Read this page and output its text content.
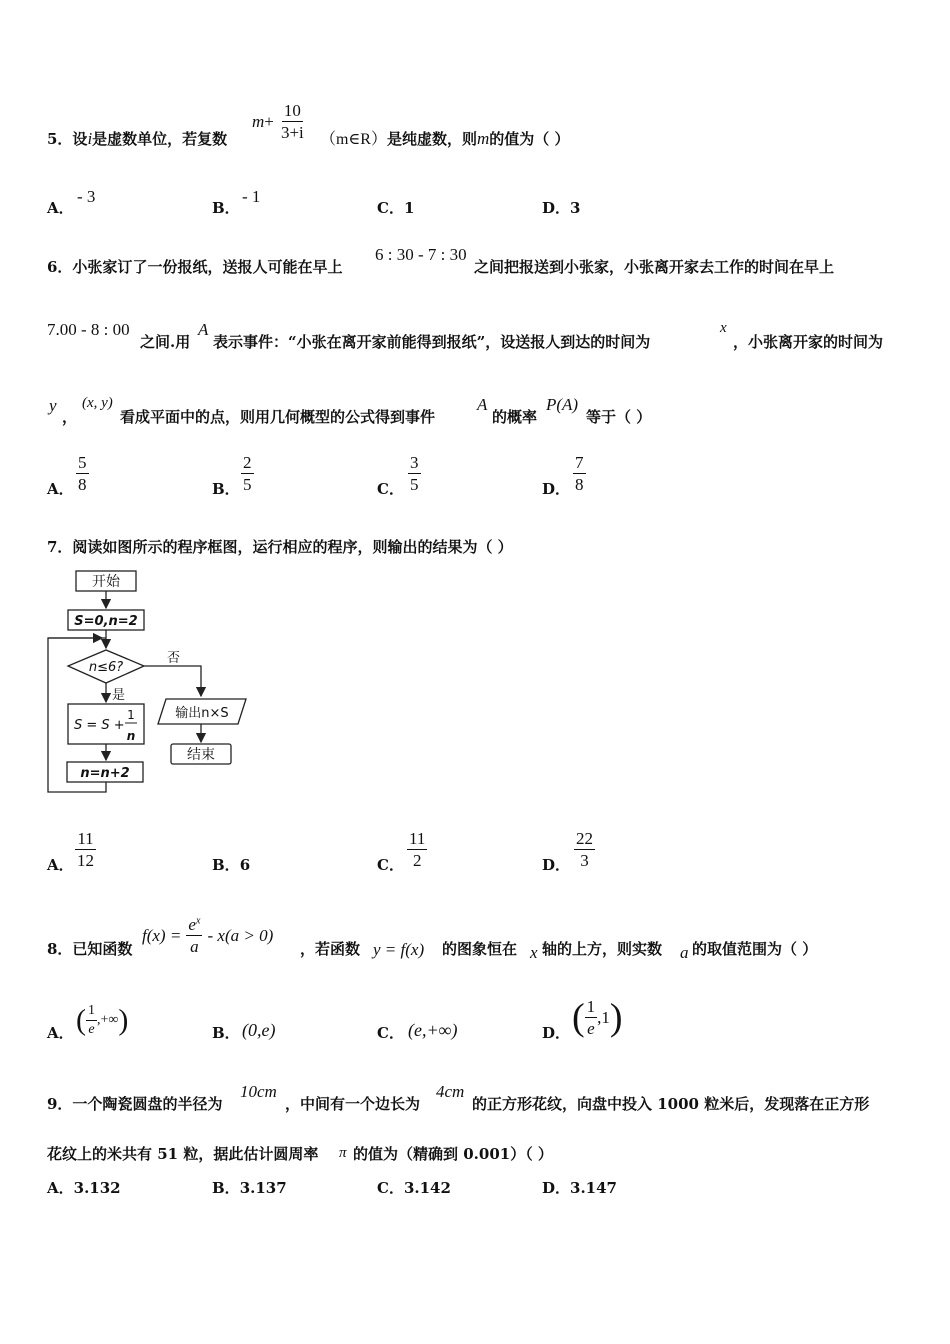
5．设i是虚数单位，若复数
$m+ \frac{10}{3+i}$ （m∈R）是纯虚数，则m的值为（ ）
A．
- 3
B．
- 1
C．1	D．3
6．小张家订了一份报纸，送报人可能在早上
6 : 30 - 7 : 30
之间把报送到小张家，小张离开家去工作的时间在早上
7.00 - 8 : 00
之间.用
A
表示事件：“小张在离开家前能得到报纸”，设送报人到达的时间为
x
，小张离开家的时间为
y
，
(x, y)
看成平面中的点，则用几何概型的公式得到事件
A
的概率
P(A)
等于（ ）
A． $\frac{5}{8}$	B． $\frac{2}{5}$	C． $\frac{3}{5}$	D． $\frac{7}{8}$
7．阅读如图所示的程序框图，运行相应的程序，则输出的结果为（ ）
开始
S=0,n=2
n≤6?
否
是
S = S +
1
n
输出n×S
n=n+2
结束
A． $\frac{11}{12}$	B．6	C． $\frac{11}{2}$	D． $\frac{22}{3}$
8．已知函数
$f(x) = \frac{e^x}{a} - x(a > 0)$
，若函数 y = f(x) 的图象恒在 x 轴的上方，则实数 a 的取值范围为（ ）
A． ( $\frac{1}{e}$ ,+∞)	B． (0,e)	C． (e,+∞)	D． ( $\frac{1}{e} ,1$)
9．一个陶瓷圆盘的半径为
10cm
，中间有一个边长为
4cm
的正方形花纹，向盘中投入 1000 粒米后，发现落在正方形
花纹上的米共有 51 粒，据此估计圆周率 π 的值为（精确到 0.001）（ ）
A．3.132	B．3.137	C．3.142	D．3.147
